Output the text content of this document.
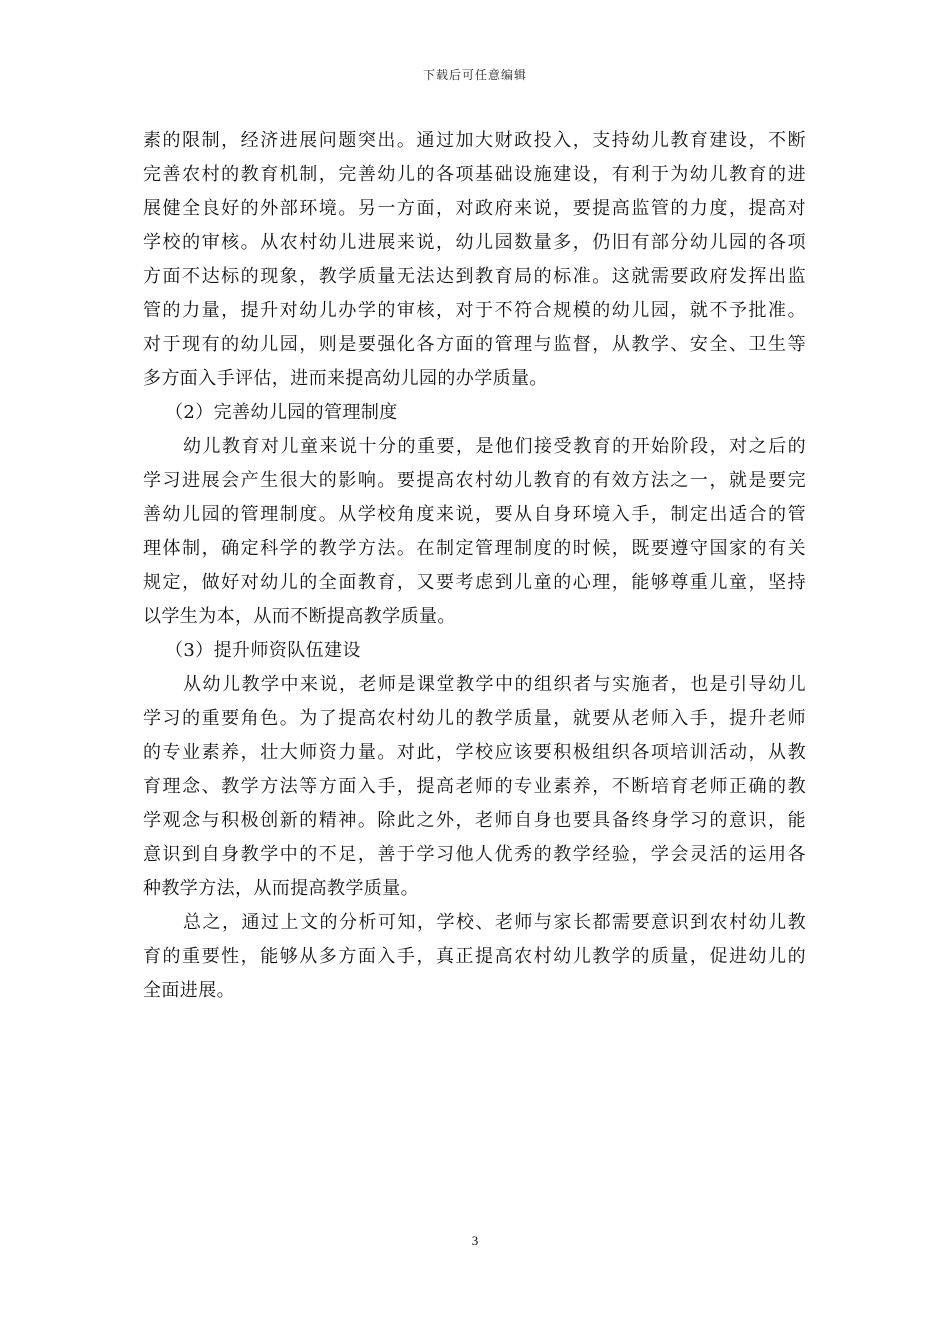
下载后可任意编辑
素的限制，经济进展问题突出。通过加大财政投入，支持幼儿教育建设，不断
完善农村的教育机制，完善幼儿的各项基础设施建设，有利于为幼儿教育的进
展健全良好的外部环境。另一方面，对政府来说，要提高监管的力度，提高对
学校的审核。从农村幼儿进展来说，幼儿园数量多，仍旧有部分幼儿园的各项
方面不达标的现象，教学质量无法达到教育局的标准。这就需要政府发挥出监
管的力量，提升对幼儿办学的审核，对于不符合规模的幼儿园，就不予批准。
对于现有的幼儿园，则是要强化各方面的管理与监督，从教学、安全、卫生等
多方面入手评估，进而来提高幼儿园的办学质量。
（2）完善幼儿园的管理制度
幼儿教育对儿童来说十分的重要，是他们接受教育的开始阶段，对之后的
学习进展会产生很大的影响。要提高农村幼儿教育的有效方法之一，就是要完
善幼儿园的管理制度。从学校角度来说，要从自身环境入手，制定出适合的管
理体制，确定科学的教学方法。在制定管理制度的时候，既要遵守国家的有关
规定，做好对幼儿的全面教育，又要考虑到儿童的心理，能够尊重儿童，坚持
以学生为本，从而不断提高教学质量。
（3）提升师资队伍建设
从幼儿教学中来说，老师是课堂教学中的组织者与实施者，也是引导幼儿
学习的重要角色。为了提高农村幼儿的教学质量，就要从老师入手，提升老师
的专业素养，壮大师资力量。对此，学校应该要积极组织各项培训活动，从教
育理念、教学方法等方面入手，提高老师的专业素养，不断培育老师正确的教
学观念与积极创新的精神。除此之外，老师自身也要具备终身学习的意识，能
意识到自身教学中的不足，善于学习他人优秀的教学经验，学会灵活的运用各
种教学方法，从而提高教学质量。
总之，通过上文的分析可知，学校、老师与家长都需要意识到农村幼儿教
育的重要性，能够从多方面入手，真正提高农村幼儿教学的质量，促进幼儿的
全面进展。
3
